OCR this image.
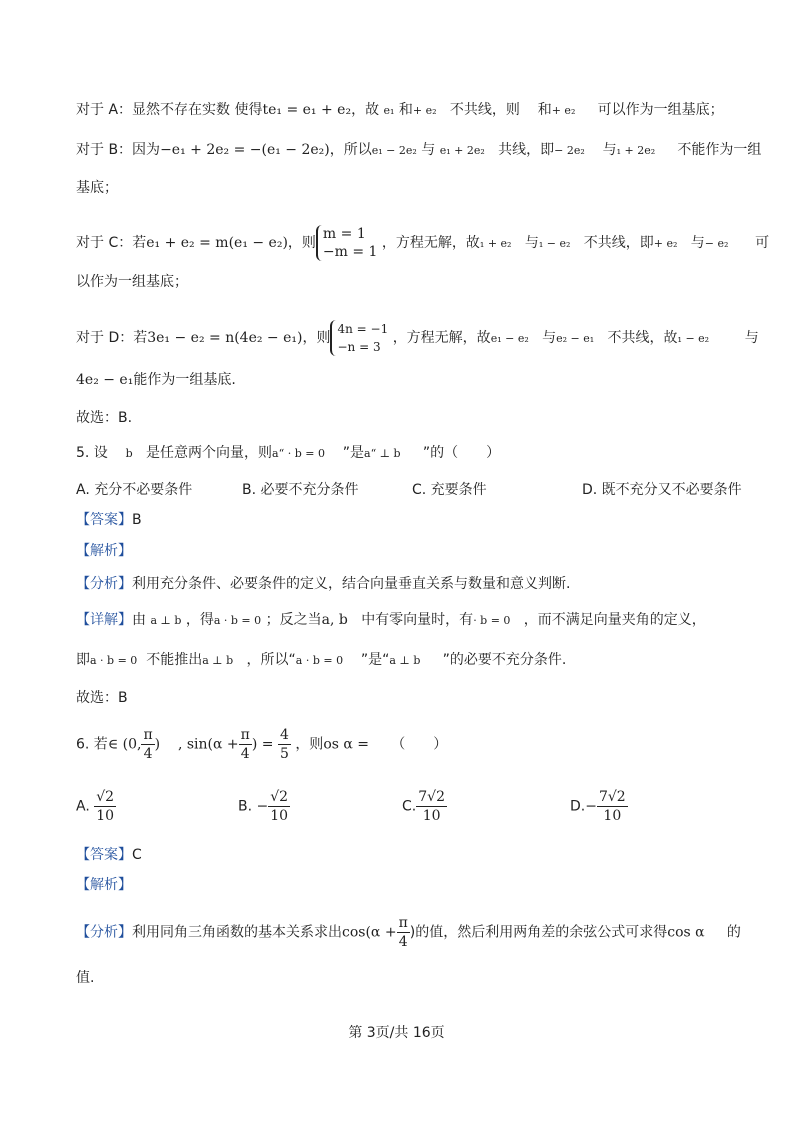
对于 A：显然不存在实数 使得te₁ = e₁ + e₂，故 e₁ 和+ e₂ 不共线，则 和+ e₂ 可以作为一组基底；
对于 B：因为−e₁ + 2e₂ = −(e₁ − 2e₂)，所以e₁ − 2e₂ 与 e₁ + 2e₂ 共线，即− 2e₂ 与₁ + 2e₂ 不能作为一组
基底；
对于 C：若e₁ + e₂ = m(e₁ − e₂)，则
m = 1
−m = 1
，方程无解，故₁ + e₂ 与₁ − e₂ 不共线，即+ e₂ 与− e₂ 可
以作为一组基底；
对于 D：若3e₁ − e₂ = n(4e₂ − e₁)，则
4n = −1
−n = 3
，方程无解，故e₁ − e₂ 与e₂ − e₁ 不共线，故₁ − e₂	与
4e₂ − e₁能作为一组基底.
故选：B.
5. 设 b 是任意两个向量，则a“ · b = 0 ”是a“ ⊥ b ”的（　　）
A. 充分不必要条件	B. 必要不充分条件	C. 充要条件	D. 既不充分又不必要条件
【答案】B
【解析】
【分析】利用充分条件、必要条件的定义，结合向量垂直关系与数量和意义判断.
【详解】由 a ⊥ b ，得a · b = 0 ；反之当a, b 中有零向量时，有· b = 0 ，而不满足向量夹角的定义，
即a · b = 0 不能推出a ⊥ b ，所以“a · b = 0 ”是“a ⊥ b ”的必要不充分条件.
故选：B
6. 若∈ (0, $\frac{\pi}{4}$ ) , $\sin(\alpha + \frac{\pi}{4}$ ) = $\frac{4}{5}$ ，则os α = （　　）
A. $\frac{√2}{10}$	B. − $\frac{√2}{10}$	C. $\frac{7√2}{10}$	$D.- \frac{7√2}{10}$
【答案】C
【解析】
【分析】利用同角三角函数的基本关系求出$\cos(\alpha + \frac{\pi}{4}$ )的值，然后利用两角差的余弦公式可求得cos α 的
值.
第 3页/共 16页
